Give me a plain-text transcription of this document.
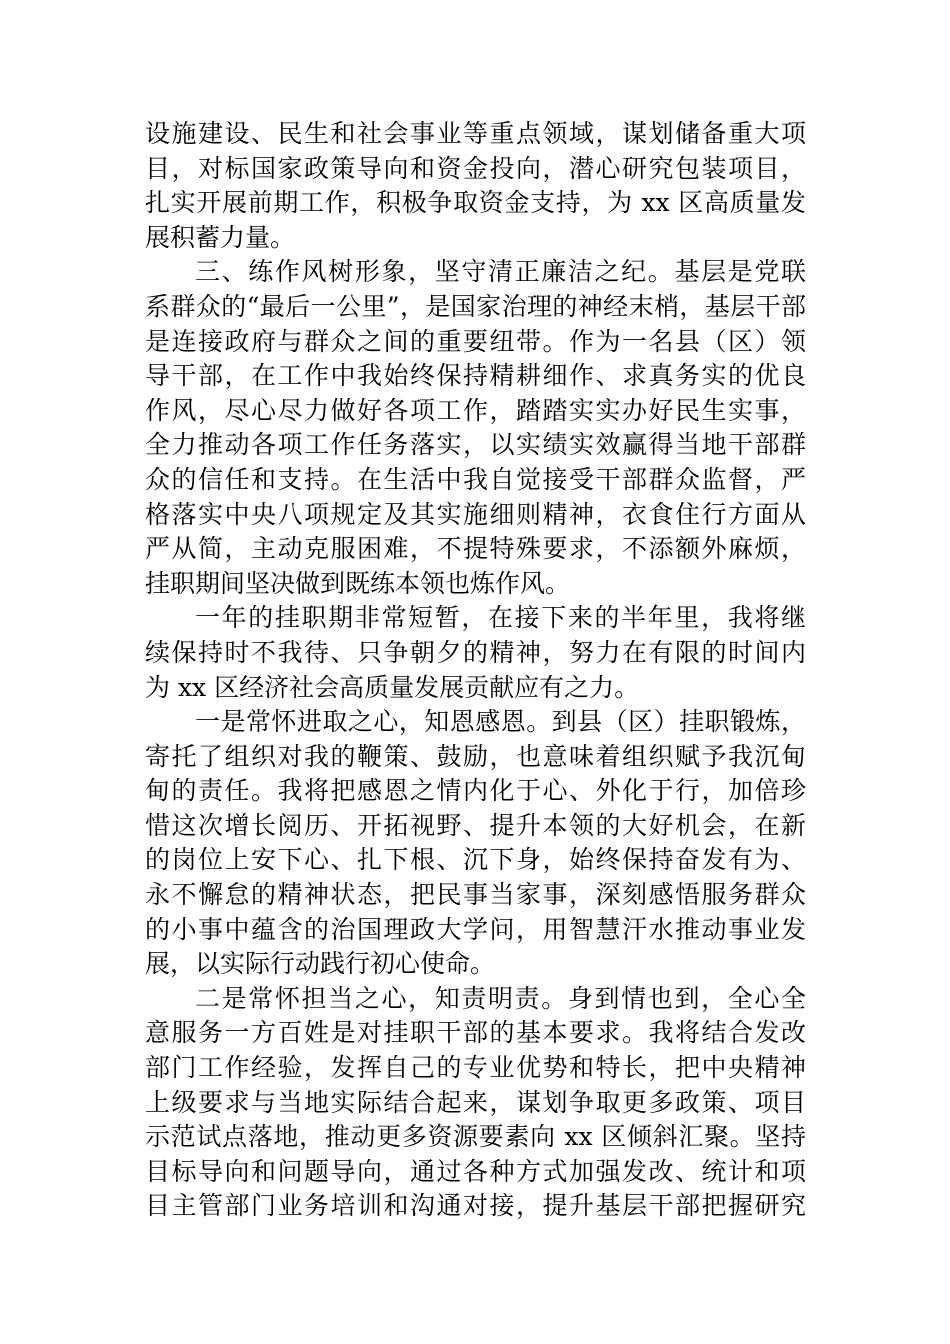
设施建设、民生和社会事业等重点领域，谋划储备重大项
目，对标国家政策导向和资金投向，潜心研究包装项目，
扎实开展前期工作，积极争取资金支持，为 xx 区高质量发
展积蓄力量。
三、练作风树形象，坚守清正廉洁之纪。基层是党联
系群众的“最后一公里”，是国家治理的神经末梢，基层干部
是连接政府与群众之间的重要纽带。作为一名县（区）领
导干部，在工作中我始终保持精耕细作、求真务实的优良
作风，尽心尽力做好各项工作，踏踏实实办好民生实事，
全力推动各项工作任务落实，以实绩实效赢得当地干部群
众的信任和支持。在生活中我自觉接受干部群众监督，严
格落实中央八项规定及其实施细则精神，衣食住行方面从
严从简，主动克服困难，不提特殊要求，不添额外麻烦，
挂职期间坚决做到既练本领也炼作风。
一年的挂职期非常短暂，在接下来的半年里，我将继
续保持时不我待、只争朝夕的精神，努力在有限的时间内
为 xx 区经济社会高质量发展贡献应有之力。
一是常怀进取之心，知恩感恩。到县（区）挂职锻炼，
寄托了组织对我的鞭策、鼓励，也意味着组织赋予我沉甸
甸的责任。我将把感恩之情内化于心、外化于行，加倍珍
惜这次增长阅历、开拓视野、提升本领的大好机会，在新
的岗位上安下心、扎下根、沉下身，始终保持奋发有为、
永不懈怠的精神状态，把民事当家事，深刻感悟服务群众
的小事中蕴含的治国理政大学问，用智慧汗水推动事业发
展，以实际行动践行初心使命。
二是常怀担当之心，知责明责。身到情也到，全心全
意服务一方百姓是对挂职干部的基本要求。我将结合发改
部门工作经验，发挥自己的专业优势和特长，把中央精神
上级要求与当地实际结合起来，谋划争取更多政策、项目
示范试点落地，推动更多资源要素向 xx 区倾斜汇聚。坚持
目标导向和问题导向，通过各种方式加强发改、统计和项
目主管部门业务培训和沟通对接，提升基层干部把握研究
